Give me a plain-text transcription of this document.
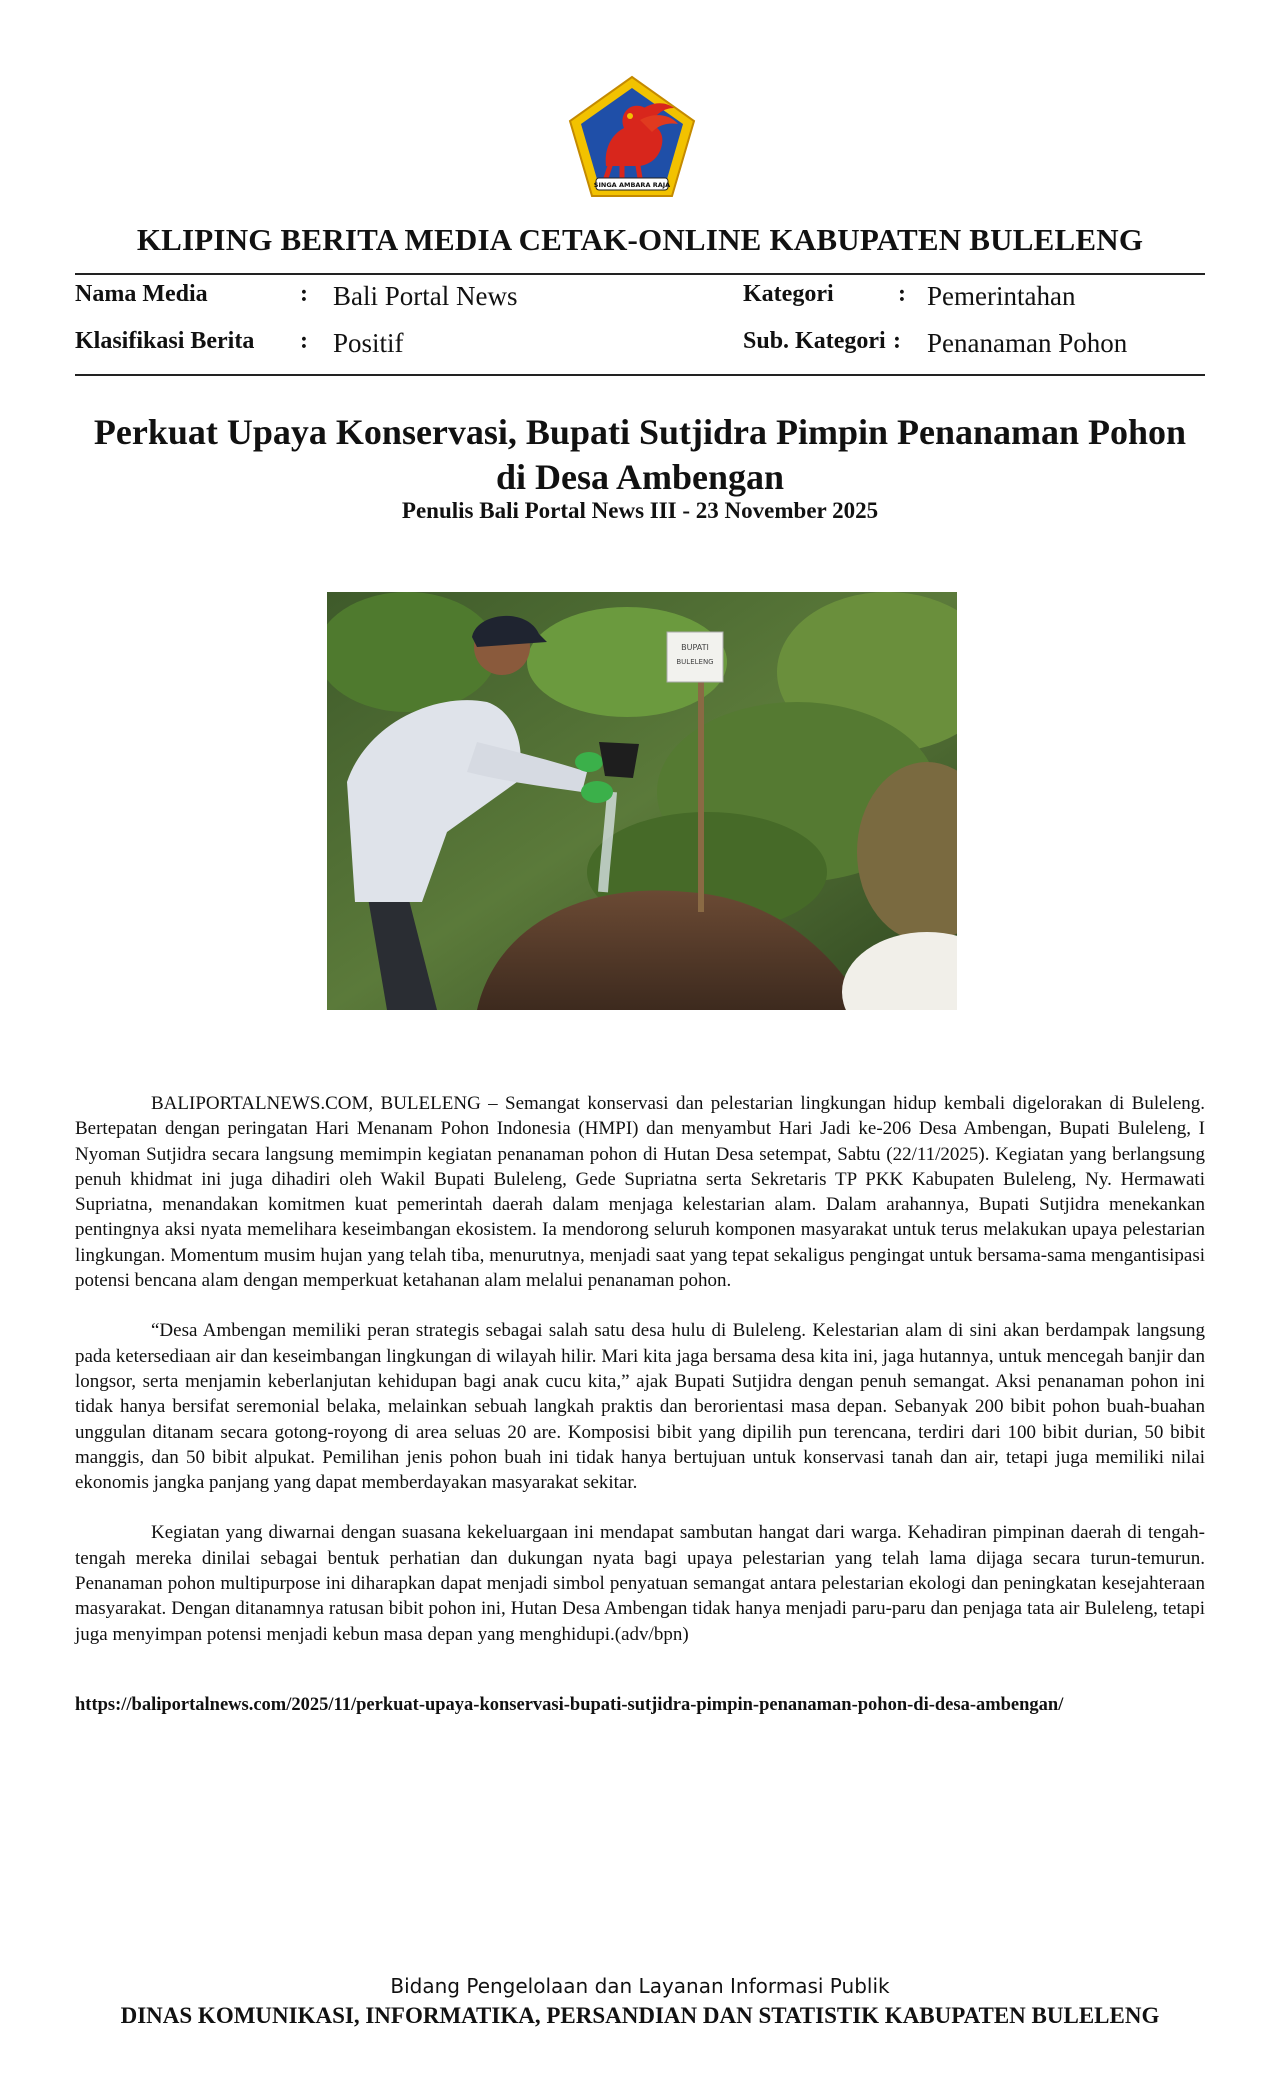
SINGA AMBARA RAJA
KLIPING BERITA MEDIA CETAK-ONLINE KABUPATEN BULELENG
Nama Media	: Bali Portal News
Klasifikasi Berita : Positif
Kategori	: Pemerintahan
Sub. Kategori : Penanaman Pohon
Perkuat Upaya Konservasi, Bupati Sutjidra Pimpin Penanaman Pohon
di Desa Ambengan
Penulis Bali Portal News III - 23 November 2025
BUPATI
BULELENG

BALIPORTALNEWS.COM, BULELENG – Semangat konservasi dan pelestarian lingkungan hidup kembali digelorakan di Buleleng. Bertepatan dengan peringatan Hari Menanam Pohon Indonesia (HMPI) dan menyambut Hari Jadi ke-206 Desa Ambengan, Bupati Buleleng, I Nyoman Sutjidra secara langsung memimpin kegiatan penanaman pohon di Hutan Desa setempat, Sabtu (22/11/2025). Kegiatan yang berlangsung penuh khidmat ini juga dihadiri oleh Wakil Bupati Buleleng, Gede Supriatna serta Sekretaris TP PKK Kabupaten Buleleng, Ny. Hermawati Supriatna, menandakan komitmen kuat pemerintah daerah dalam menjaga kelestarian alam. Dalam arahannya, Bupati Sutjidra menekankan pentingnya aksi nyata memelihara keseimbangan ekosistem. Ia mendorong seluruh komponen masyarakat untuk terus melakukan upaya pelestarian lingkungan. Momentum musim hujan yang telah tiba, menurutnya, menjadi saat yang tepat sekaligus pengingat untuk bersama-sama mengantisipasi potensi bencana alam dengan memperkuat ketahanan alam melalui penanaman pohon.

“Desa Ambengan memiliki peran strategis sebagai salah satu desa hulu di Buleleng. Kelestarian alam di sini akan berdampak langsung pada ketersediaan air dan keseimbangan lingkungan di wilayah hilir. Mari kita jaga bersama desa kita ini, jaga hutannya, untuk mencegah banjir dan longsor, serta menjamin keberlanjutan kehidupan bagi anak cucu kita,” ajak Bupati Sutjidra dengan penuh semangat. Aksi penanaman pohon ini tidak hanya bersifat seremonial belaka, melainkan sebuah langkah praktis dan berorientasi masa depan. Sebanyak 200 bibit pohon buah-buahan unggulan ditanam secara gotong-royong di area seluas 20 are. Komposisi bibit yang dipilih pun terencana, terdiri dari 100 bibit durian, 50 bibit manggis, dan 50 bibit alpukat. Pemilihan jenis pohon buah ini tidak hanya bertujuan untuk konservasi tanah dan air, tetapi juga memiliki nilai ekonomis jangka panjang yang dapat memberdayakan masyarakat sekitar.

Kegiatan yang diwarnai dengan suasana kekeluargaan ini mendapat sambutan hangat dari warga. Kehadiran pimpinan daerah di tengah-tengah mereka dinilai sebagai bentuk perhatian dan dukungan nyata bagi upaya pelestarian yang telah lama dijaga secara turun-temurun. Penanaman pohon multipurpose ini diharapkan dapat menjadi simbol penyatuan semangat antara pelestarian ekologi dan peningkatan kesejahteraan masyarakat. Dengan ditanamnya ratusan bibit pohon ini, Hutan Desa Ambengan tidak hanya menjadi paru-paru dan penjaga tata air Buleleng, tetapi juga menyimpan potensi menjadi kebun masa depan yang menghidupi.(adv/bpn)

https://baliportalnews.com/2025/11/perkuat-upaya-konservasi-bupati-sutjidra-pimpin-penanaman-pohon-di-desa-ambengan/
Bidang Pengelolaan dan Layanan Informasi Publik
DINAS KOMUNIKASI, INFORMATIKA, PERSANDIAN DAN STATISTIK KABUPATEN BULELENG
